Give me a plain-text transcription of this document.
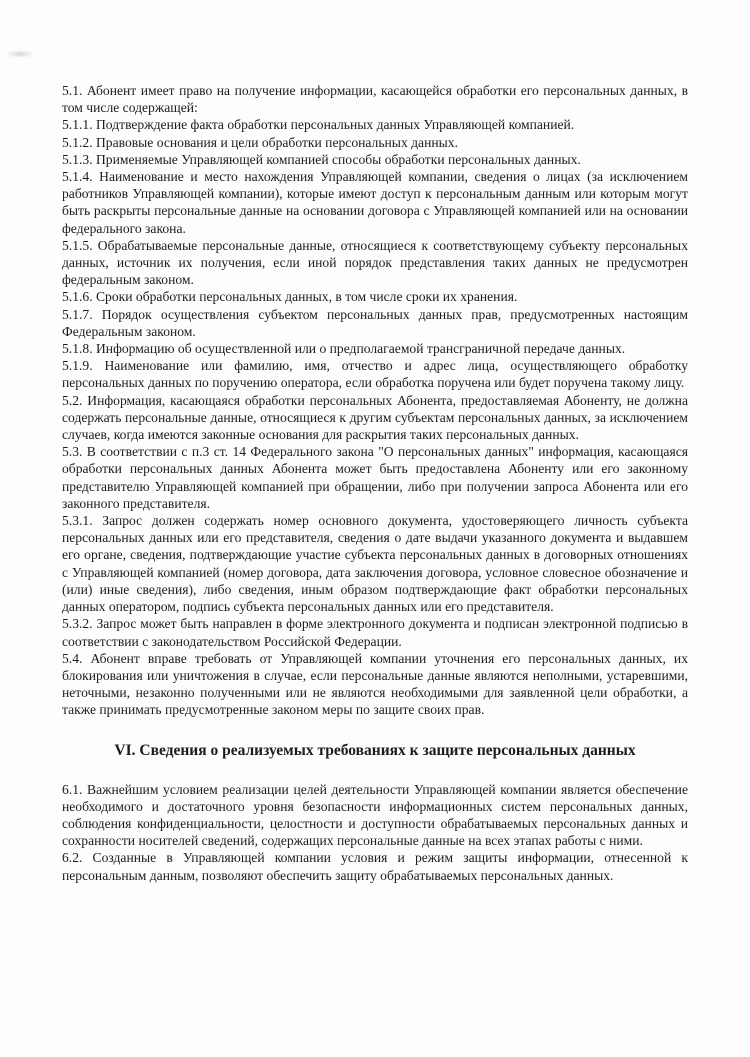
5.1. Абонент имеет право на получение информации, касающейся обработки его персональных данных, в том числе содержащей:

5.1.1. Подтверждение факта обработки персональных данных Управляющей компанией.

5.1.2. Правовые основания и цели обработки персональных данных.

5.1.3. Применяемые Управляющей компанией способы обработки персональных данных.

5.1.4. Наименование и место нахождения Управляющей компании, сведения о лицах (за исключением работников Управляющей компании), которые имеют доступ к персональным данным или которым могут быть раскрыты персональные данные на основании договора с Управляющей компанией или на основании федерального закона.

5.1.5. Обрабатываемые персональные данные, относящиеся к соответствующему субъекту персональных данных, источник их получения, если иной порядок представления таких данных не предусмотрен федеральным законом.

5.1.6. Сроки обработки персональных данных, в том числе сроки их хранения.

5.1.7. Порядок осуществления субъектом персональных данных прав, предусмотренных настоящим Федеральным законом.

5.1.8. Информацию об осуществленной или о предполагаемой трансграничной передаче данных.

5.1.9. Наименование или фамилию, имя, отчество и адрес лица, осуществляющего обработку персональных данных по поручению оператора, если обработка поручена или будет поручена такому лицу.

5.2. Информация, касающаяся обработки персональных Абонента, предоставляемая Абоненту, не должна содержать персональные данные, относящиеся к другим субъектам персональных данных, за исключением случаев, когда имеются законные основания для раскрытия таких персональных данных.

5.3. В соответствии с п.3 ст. 14 Федерального закона "О персональных данных" информация, касающаяся обработки персональных данных Абонента может быть предоставлена Абоненту или его законному представителю Управляющей компанией при обращении, либо при получении запроса Абонента или его законного представителя.

5.3.1. Запрос должен содержать номер основного документа, удостоверяющего личность субъекта персональных данных или его представителя, сведения о дате выдачи указанного документа и выдавшем его органе, сведения, подтверждающие участие субъекта персональных данных в договорных отношениях с Управляющей компанией (номер договора, дата заключения договора, условное словесное обозначение и (или) иные сведения), либо сведения, иным образом подтверждающие факт обработки персональных данных оператором, подпись субъекта персональных данных или его представителя.

5.3.2. Запрос может быть направлен в форме электронного документа и подписан электронной подписью в соответствии с законодательством Российской Федерации.

5.4. Абонент вправе требовать от Управляющей компании уточнения его персональных данных, их блокирования или уничтожения в случае, если персональные данные являются неполными, устаревшими, неточными, незаконно полученными или не являются необходимыми для заявленной цели обработки, а также принимать предусмотренные законом меры по защите своих прав.

VI. Сведения о реализуемых требованиях к защите персональных данных

6.1. Важнейшим условием реализации целей деятельности Управляющей компании является обеспечение необходимого и достаточного уровня безопасности информационных систем персональных данных, соблюдения конфиденциальности, целостности и доступности обрабатываемых персональных данных и сохранности носителей сведений, содержащих персональные данные на всех этапах работы с ними.

6.2. Созданные в Управляющей компании условия и режим защиты информации, отнесенной к персональным данным, позволяют обеспечить защиту обрабатываемых персональных данных.
